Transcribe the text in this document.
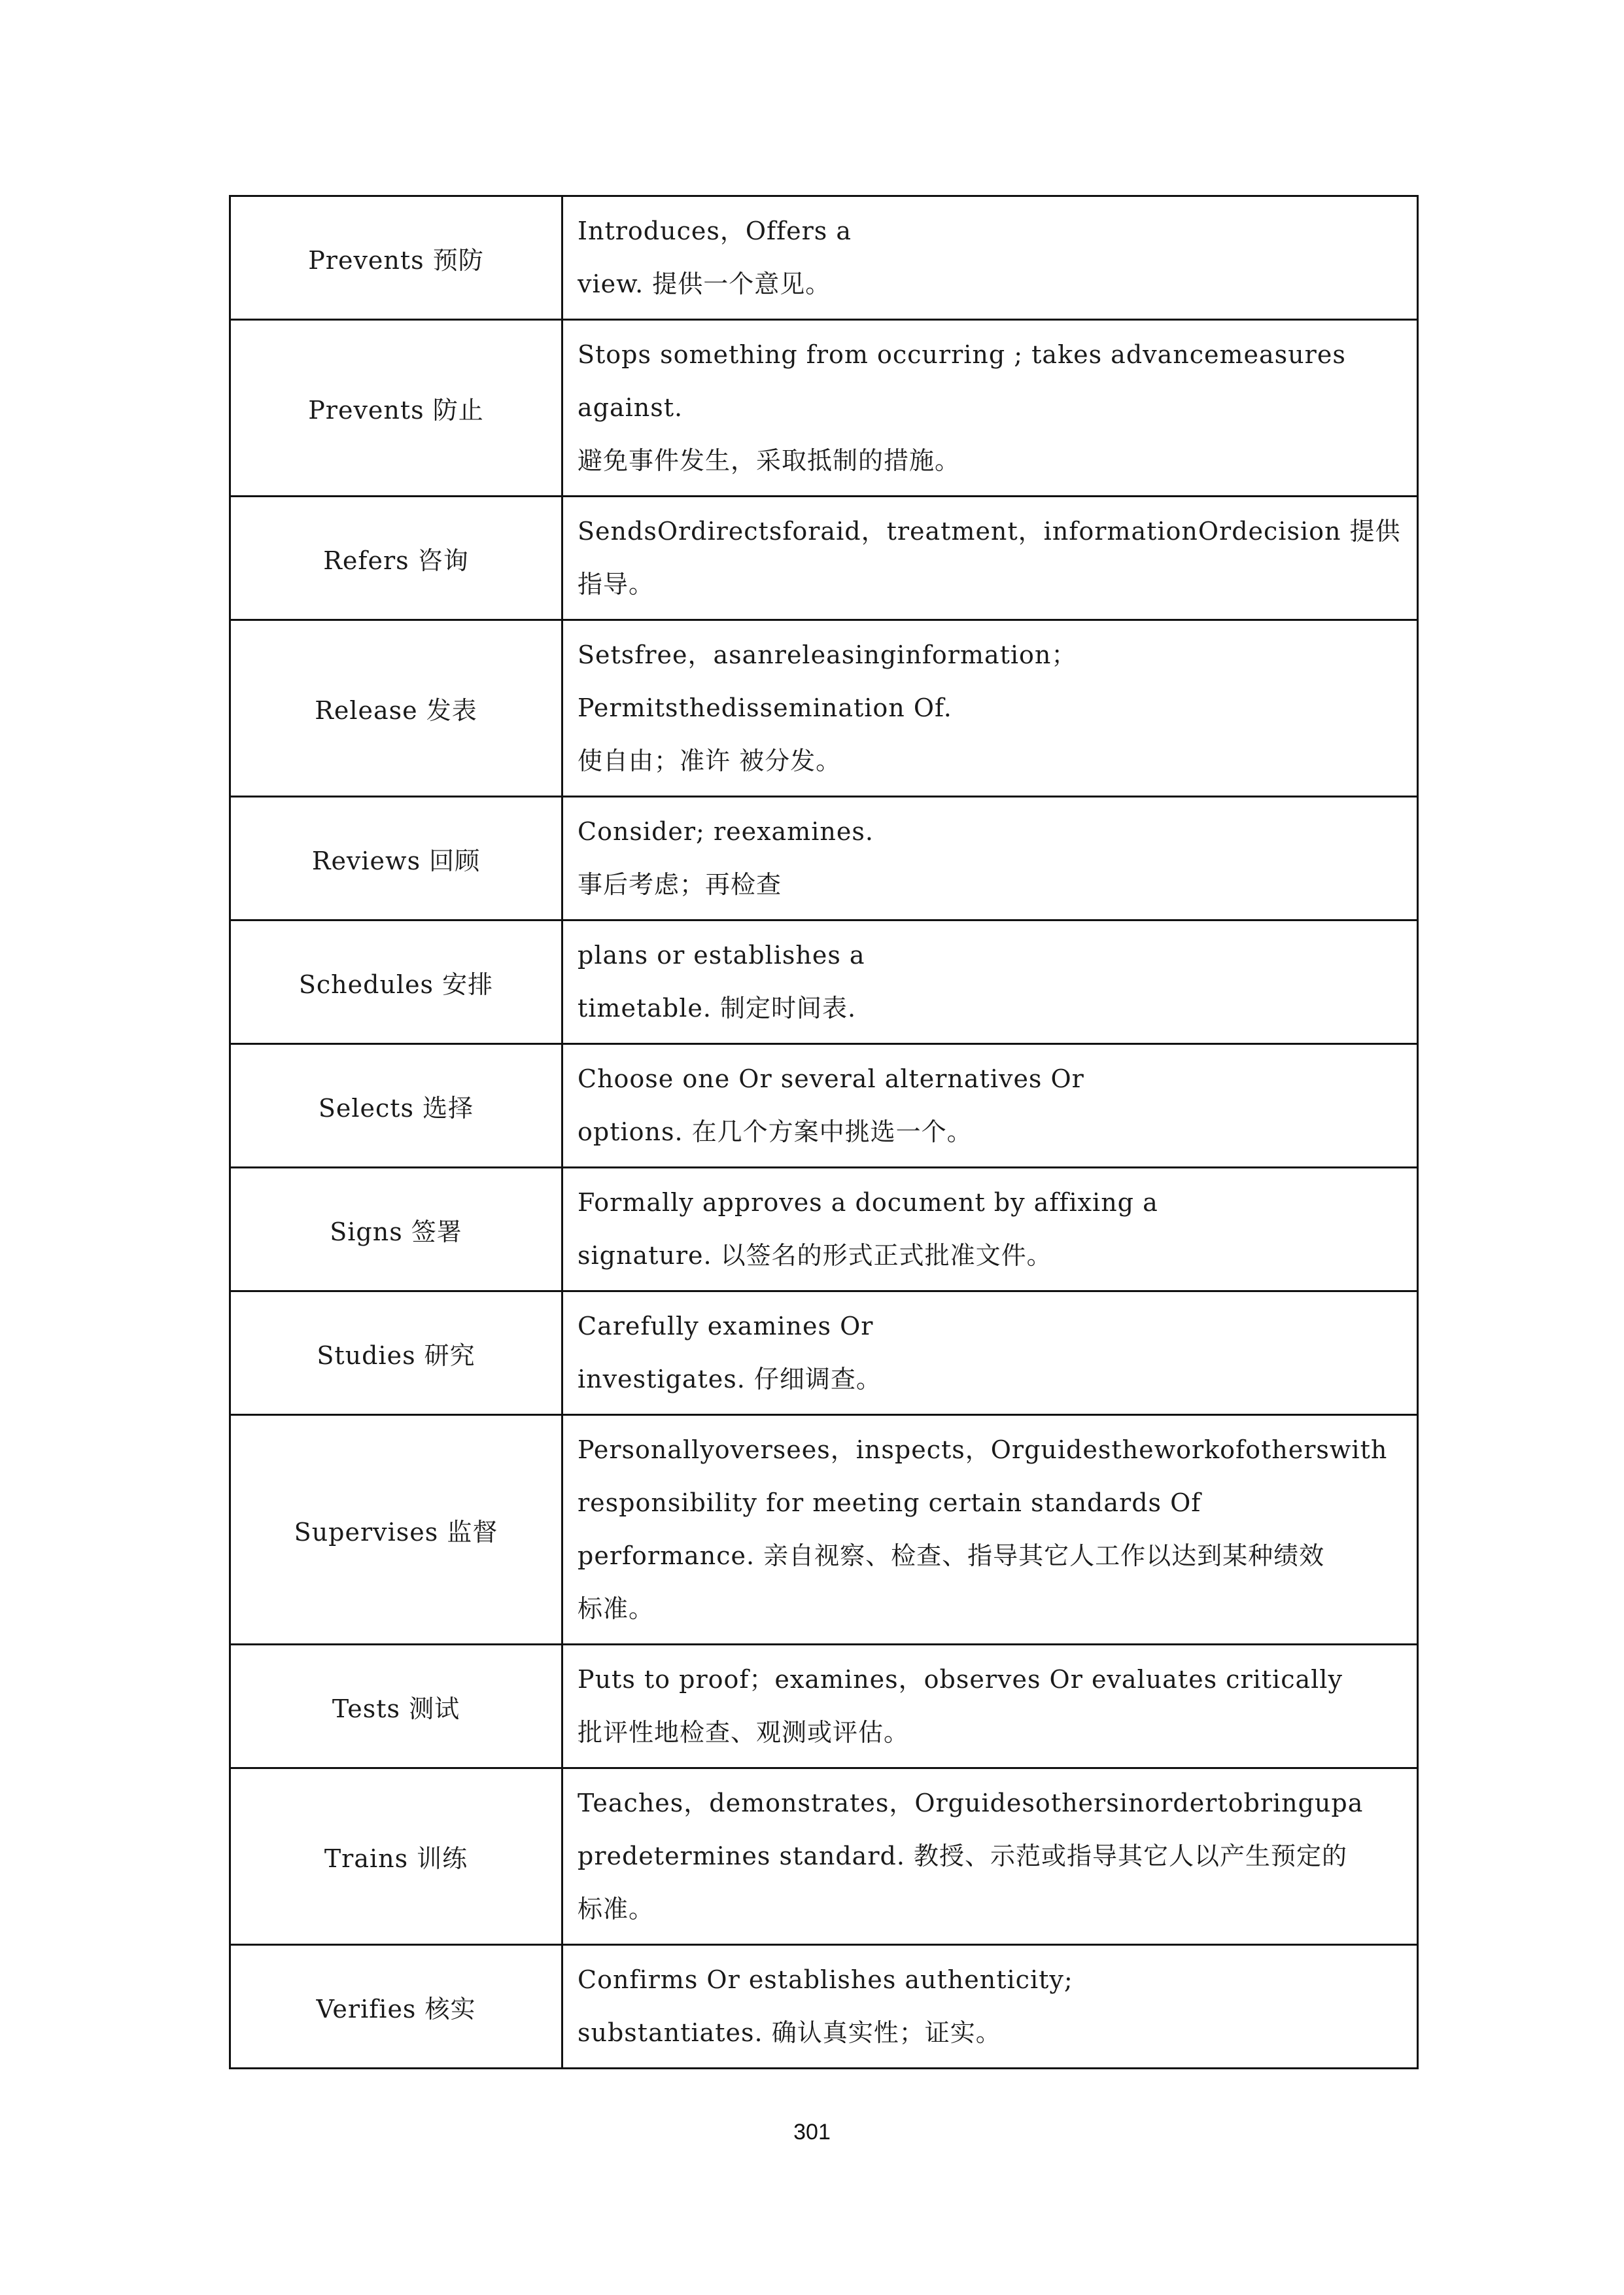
Prevents 预防	Introduces，Offers a
view. 提供一个意见。

Prevents 防止	Stops something from occurring ; takes advancemeasures
against.
避免事件发生，采取抵制的措施。

Refers 咨询	SendsOrdirectsforaid，treatment，informationOrdecision 提供
指导。

Release 发表	Setsfree，asanreleasinginformation；
Permitsthedissemination Of.
使自由；准许 被分发。

Reviews 回顾	Consider; reexamines.
事后考虑；再检查

Schedules 安排	plans or establishes a
timetable. 制定时间表.

Selects 选择	Choose one Or several alternatives Or
options. 在几个方案中挑选一个。

Signs 签署	Formally approves a document by affixing a
signature. 以签名的形式正式批准文件。

Studies 研究	Carefully examines Or
investigates. 仔细调查。

Supervises 监督	Personallyoversees，inspects，Orguidestheworkofotherswith
responsibility for meeting certain standards Of
performance. 亲自视察、检查、指导其它人工作以达到某种绩效
标准。

Tests 测试	Puts to proof；examines，observes Or evaluates critically
批评性地检查、观测或评估。

Trains 训练	Teaches，demonstrates，Orguidesothersinordertobringupa
predetermines standard. 教授、示范或指导其它人以产生预定的
标准。

Verifies 核实	Confirms Or establishes authenticity;
substantiates. 确认真实性；证实。
301
